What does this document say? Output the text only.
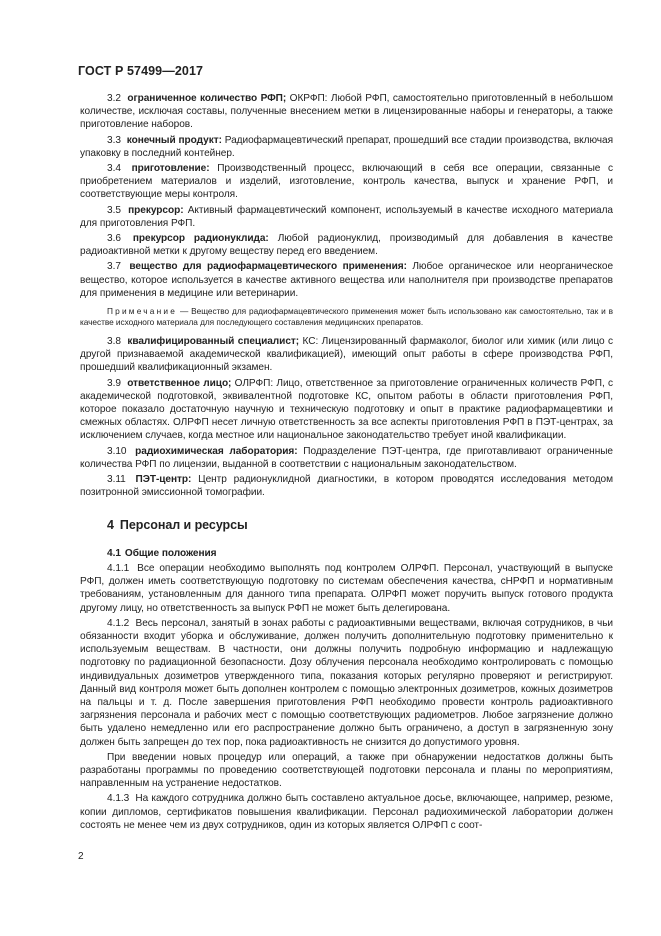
ГОСТ Р 57499—2017

3.2 ограниченное количество РФП; ОКРФП: Любой РФП, самостоятельно приготовленный в небольшом количестве, исключая составы, полученные внесением метки в лицензированные наборы и генераторы, а также приготовление наборов.

3.3 конечный продукт: Радиофармацевтический препарат, прошедший все стадии производства, включая упаковку в последний контейнер.

3.4 приготовление: Производственный процесс, включающий в себя все операции, связанные с приобретением материалов и изделий, изготовление, контроль качества, выпуск и хранение РФП, и соответствующие меры контроля.

3.5 прекурсор: Активный фармацевтический компонент, используемый в качестве исходного материала для приготовления РФП.

3.6 прекурсор радионуклида: Любой радионуклид, производимый для добавления в качестве радиоактивной метки к другому веществу перед его введением.

3.7 вещество для радиофармацевтического применения: Любое органическое или неорганическое вещество, которое используется в качестве активного вещества или наполнителя при производстве препаратов для применения в медицине или ветеринарии.

Примечание — Вещество для радиофармацевтического применения может быть использовано как самостоятельно, так и в качестве исходного материала для последующего составления медицинских препаратов.

3.8 квалифицированный специалист; КС: Лицензированный фармаколог, биолог или химик (или лицо с другой признаваемой академической квалификацией), имеющий опыт работы в сфере производства РФП, прошедший квалификационный экзамен.

3.9 ответственное лицо; ОЛРФП: Лицо, ответственное за приготовление ограниченных количеств РФП, с академической подготовкой, эквивалентной подготовке КС, опытом работы в области приготовления РФП, которое показало достаточную научную и техническую подготовку и опыт в практике радиофармацевтики и смежных областях. ОЛРФП несет личную ответственность за все аспекты приготовления РФП в ПЭТ-центрах, за исключением случаев, когда местное или национальное законодательство требует иной квалификации.

3.10 радиохимическая лаборатория: Подразделение ПЭТ-центра, где приготавливают ограниченные количества РФП по лицензии, выданной в соответствии с национальным законодательством.

3.11 ПЭТ-центр: Центр радионуклидной диагностики, в котором проводятся исследования методом позитронной эмиссионной томографии.

4 Персонал и ресурсы
4.1 Общие положения

4.1.1 Все операции необходимо выполнять под контролем ОЛРФП. Персонал, участвующий в выпуске РФП, должен иметь соответствующую подготовку по системам обеспечения качества, сНРФП и нормативным требованиям, установленным для данного типа препарата. ОЛРФП может поручить выпуск готового продукта другому лицу, но ответственность за выпуск РФП не может быть делегирована.

4.1.2 Весь персонал, занятый в зонах работы с радиоактивными веществами, включая сотрудников, в чьи обязанности входит уборка и обслуживание, должен получить дополнительную подготовку применительно к используемым веществам. В частности, они должны получить подробную информацию и надлежащую подготовку по радиационной безопасности. Дозу облучения персонала необходимо контролировать с помощью индивидуальных дозиметров утвержденного типа, показания которых регулярно проверяют и регистрируют. Данный вид контроля может быть дополнен контролем с помощью электронных дозиметров, кожных дозиметров на пальцы и т. д. После завершения приготовления РФП необходимо провести контроль радиоактивного загрязнения персонала и рабочих мест с помощью соответствующих радиометров. Любое загрязнение должно быть удалено немедленно или его распространение должно быть ограничено, а доступ в загрязненную зону должен быть запрещен до тех пор, пока радиоактивность не снизится до допустимого уровня.

При введении новых процедур или операций, а также при обнаружении недостатков должны быть разработаны программы по проведению соответствующей подготовки персонала и планы по мероприятиям, направленным на устранение недостатков.

4.1.3 На каждого сотрудника должно быть составлено актуальное досье, включающее, например, резюме, копии дипломов, сертификатов повышения квалификации. Персонал радиохимической лаборатории должен состоять не менее чем из двух сотрудников, один из которых является ОЛРФП с соот-

2
